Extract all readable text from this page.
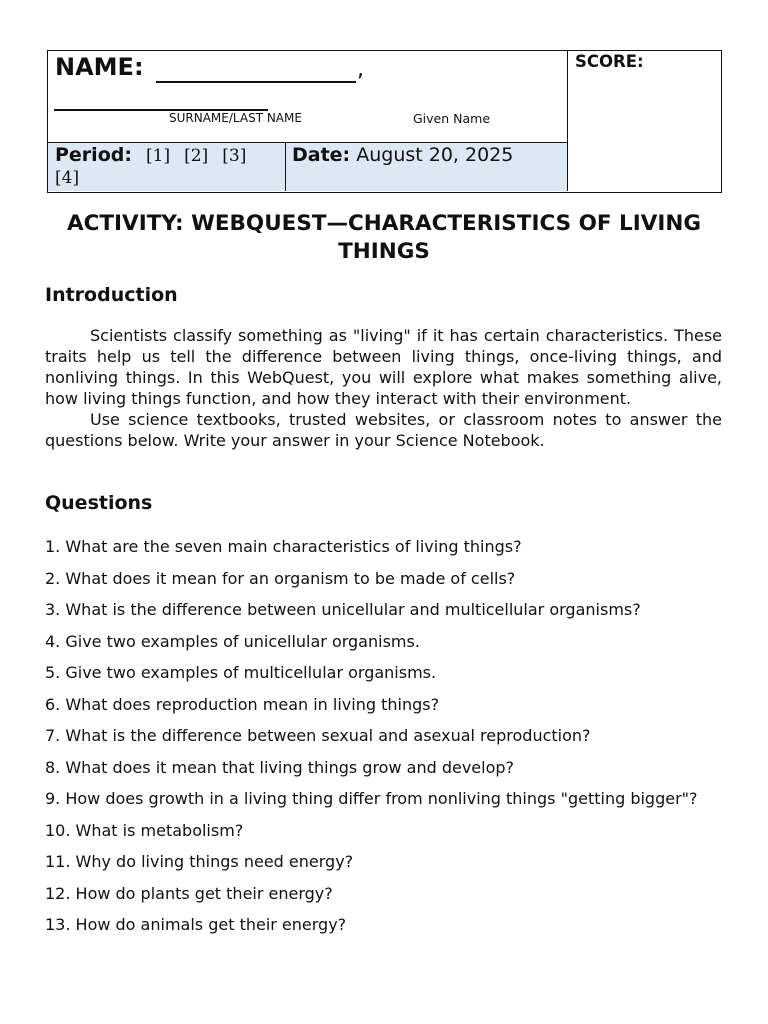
NAME:	,
SURNAME/LAST NAME	Given Name
SCORE:
Period: [1] [2] [3]
[4]
Date: August 20, 2025
ACTIVITY: WEBQUEST—CHARACTERISTICS OF LIVING THINGS
Introduction

Scientists classify something as "living" if it has certain characteristics. These traits help us tell the difference between living things, once-living things, and nonliving things. In this WebQuest, you will explore what makes something alive, how living things function, and how they interact with their environment.

Use science textbooks, trusted websites, or classroom notes to answer the questions below. Write your answer in your Science Notebook.

Questions
1. What are the seven main characteristics of living things?
2. What does it mean for an organism to be made of cells?
3. What is the difference between unicellular and multicellular organisms?
4. Give two examples of unicellular organisms.
5. Give two examples of multicellular organisms.
6. What does reproduction mean in living things?
7. What is the difference between sexual and asexual reproduction?
8. What does it mean that living things grow and develop?
9. How does growth in a living thing differ from nonliving things "getting bigger"?
10. What is metabolism?
11. Why do living things need energy?
12. How do plants get their energy?
13. How do animals get their energy?
